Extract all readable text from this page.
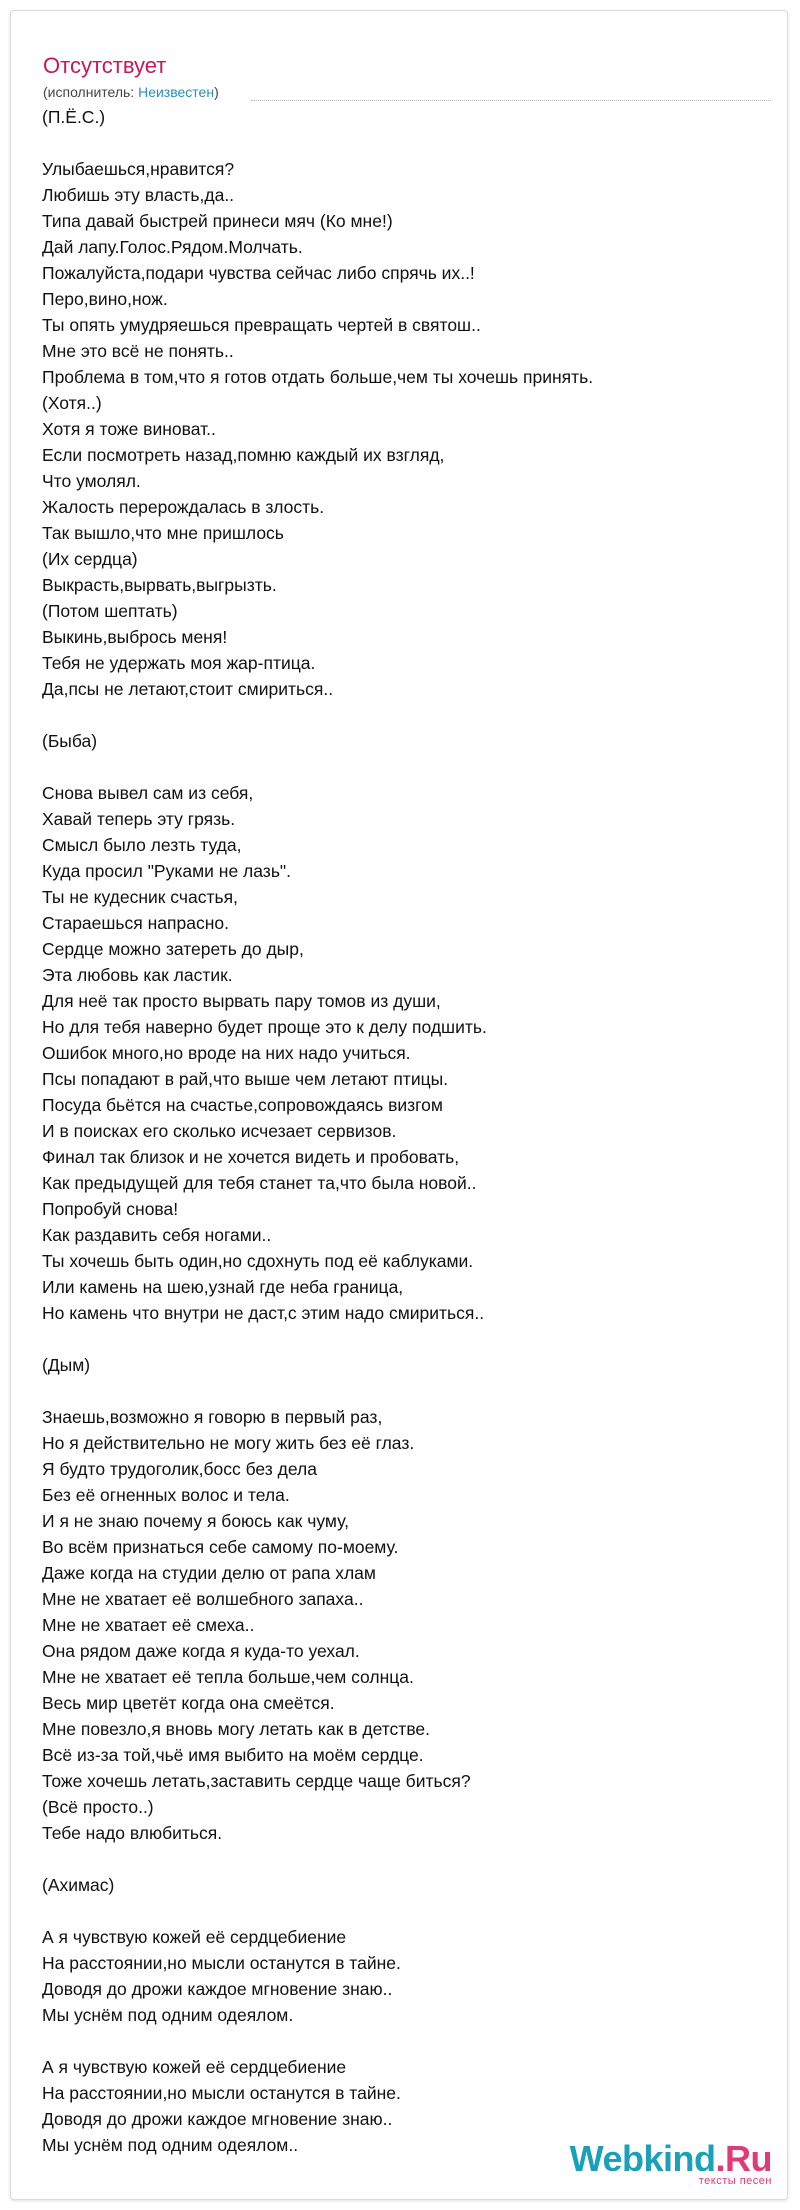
Отсутствует
(исполнитель: Неизвестен)
(П.Ё.С.)

Улыбаешься,нравится?
Любишь эту власть,да..
Типа давай быстрей принеси мяч (Ко мне!)
Дай лапу.Голос.Рядом.Молчать.
Пожалуйста,подари чувства сейчас либо спрячь их..!
Перо,вино,нож.
Ты опять умудряешься превращать чертей в святош..
Мне это всё не понять..
Проблема в том,что я готов отдать больше,чем ты хочешь принять.
(Хотя..)
Хотя я тоже виноват..
Если посмотреть назад,помню каждый их взгляд,
Что умолял.
Жалость перерождалась в злость.
Так вышло,что мне пришлось
(Их сердца)
Выкрасть,вырвать,выгрызть.
(Потом шептать)
Выкинь,выбрось меня!
Тебя не удержать моя жар-птица.
Да,псы не летают,стоит смириться..

(Быба)

Снова вывел сам из себя,
Хавай теперь эту грязь.
Смысл было лезть туда,
Куда просил "Руками не лазь".
Ты не кудесник счастья,
Стараешься напрасно.
Сердце можно затереть до дыр,
Эта любовь как ластик.
Для неё так просто вырвать пару томов из души,
Но для тебя наверно будет проще это к делу подшить.
Ошибок много,но вроде на них надо учиться.
Псы попадают в рай,что выше чем летают птицы.
Посуда бьётся на счастье,сопровождаясь визгом
И в поисках его сколько исчезает сервизов.
Финал так близок и не хочется видеть и пробовать,
Как предыдущей для тебя станет та,что была новой..
Попробуй снова!
Как раздавить себя ногами..
Ты хочешь быть один,но сдохнуть под её каблуками.
Или камень на шею,узнай где неба граница,
Но камень что внутри не даст,с этим надо смириться..

(Дым)

Знаешь,возможно я говорю в первый раз,
Но я действительно не могу жить без её глаз.
Я будто трудоголик,босс без дела
Без её огненных волос и тела.
И я не знаю почему я боюсь как чуму,
Во всём признаться себе самому по-моему.
Даже когда на студии делю от рапа хлам
Мне не хватает её волшебного запаха..
Мне не хватает её смеха..
Она рядом даже когда я куда-то уехал.
Мне не хватает её тепла больше,чем солнца.
Весь мир цветёт когда она смеётся.
Мне повезло,я вновь могу летать как в детстве.
Всё из-за той,чьё имя выбито на моём сердце.
Тоже хочешь летать,заставить сердце чаще биться?
(Всё просто..)
Тебе надо влюбиться.

(Ахимас)

А я чувствую кожей её сердцебиение
На расстоянии,но мысли останутся в тайне.
Доводя до дрожи каждое мгновение знаю..
Мы уснём под одним одеялом.

А я чувствую кожей её сердцебиение
На расстоянии,но мысли останутся в тайне.
Доводя до дрожи каждое мгновение знаю..
Мы уснём под одним одеялом..	Webkind.Ru
тексты песен
